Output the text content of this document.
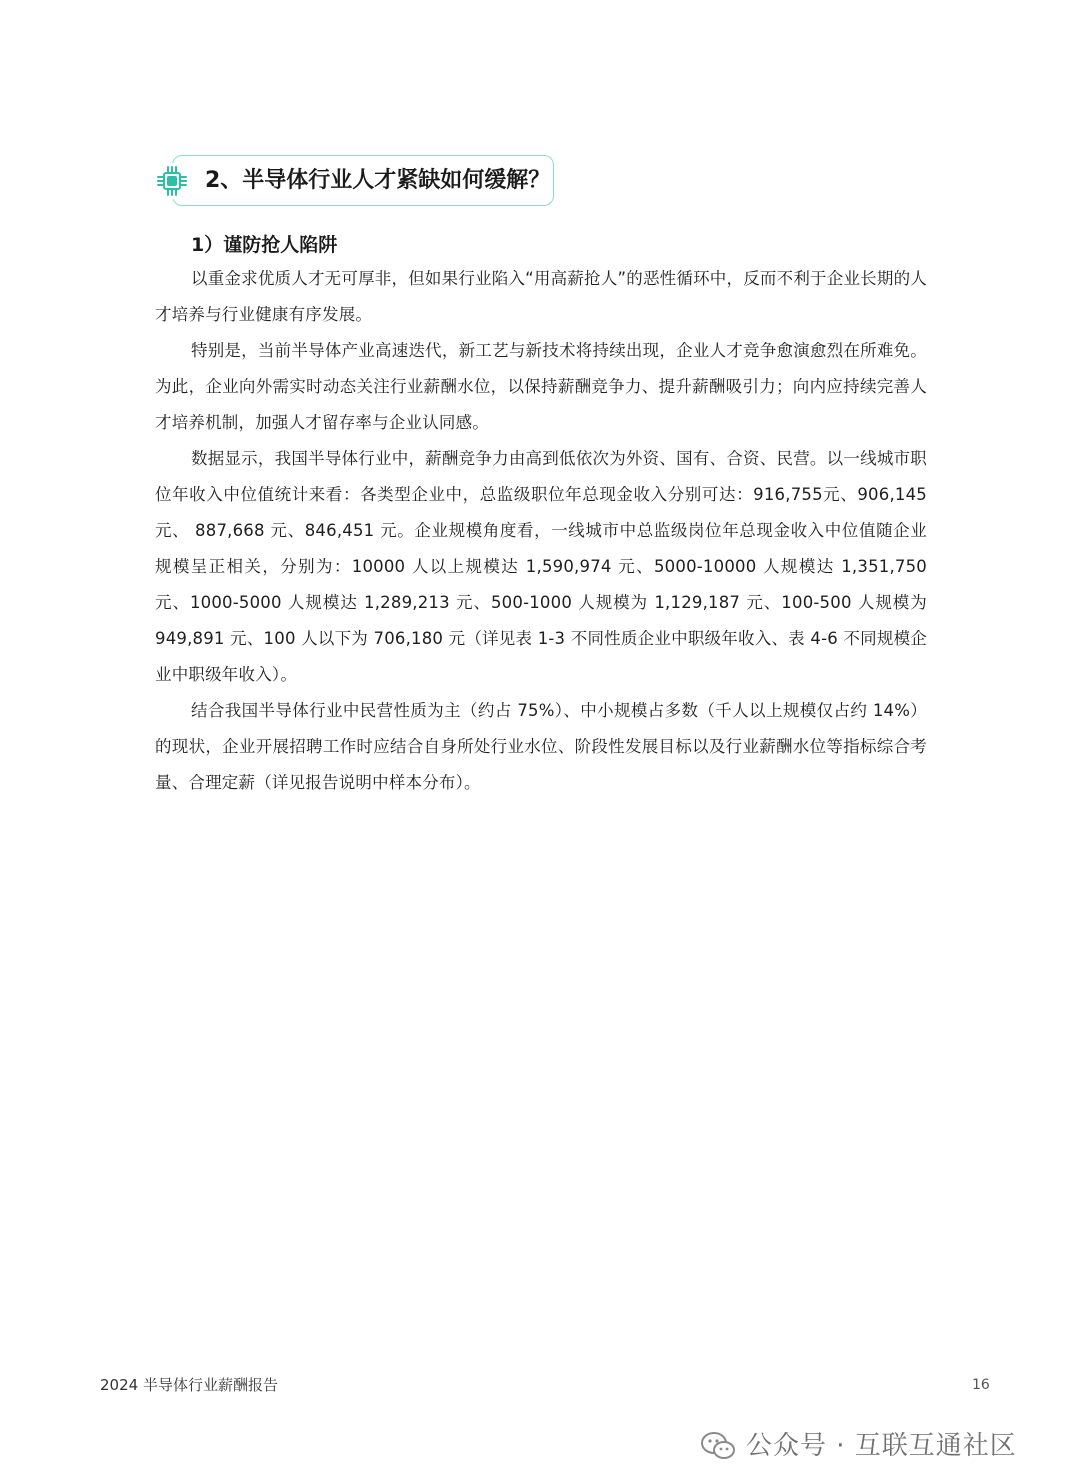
2、半导体行业人才紧缺如何缓解？
1）谨防抢人陷阱

以重金求优质人才无可厚非，但如果行业陷入“用高薪抢人”的恶性循环中，反而不利于企业长期的人才培养与行业健康有序发展。

特别是，当前半导体产业高速迭代，新工艺与新技术将持续出现，企业人才竞争愈演愈烈在所难免。为此，企业向外需实时动态关注行业薪酬水位，以保持薪酬竞争力、提升薪酬吸引力；向内应持续完善人才培养机制，加强人才留存率与企业认同感。

数据显示，我国半导体行业中，薪酬竞争力由高到低依次为外资、国有、合资、民营。以一线城市职位年收入中位值统计来看：各类型企业中，总监级职位年总现金收入分别可达：916,755元、906,145 元、 887,668 元、846,451 元。企业规模角度看，一线城市中总监级岗位年总现金收入中位值随企业规模呈正相关，分别为：10000 人以上规模达 1,590,974 元、5000-10000 人规模达 1,351,750 元、1000-5000 人规模达 1,289,213 元、500-1000 人规模为 1,129,187 元、100-500 人规模为 949,891 元、100 人以下为 706,180 元（详见表 1-3 不同性质企业中职级年收入、表 4-6 不同规模企业中职级年收入）。

结合我国半导体行业中民营性质为主（约占 75%）、中小规模占多数（千人以上规模仅占约 14%）的现状，企业开展招聘工作时应结合自身所处行业水位、阶段性发展目标以及行业薪酬水位等指标综合考量、合理定薪（详见报告说明中样本分布）。

2024 半导体行业薪酬报告	16
公众号 · 互联互通社区
